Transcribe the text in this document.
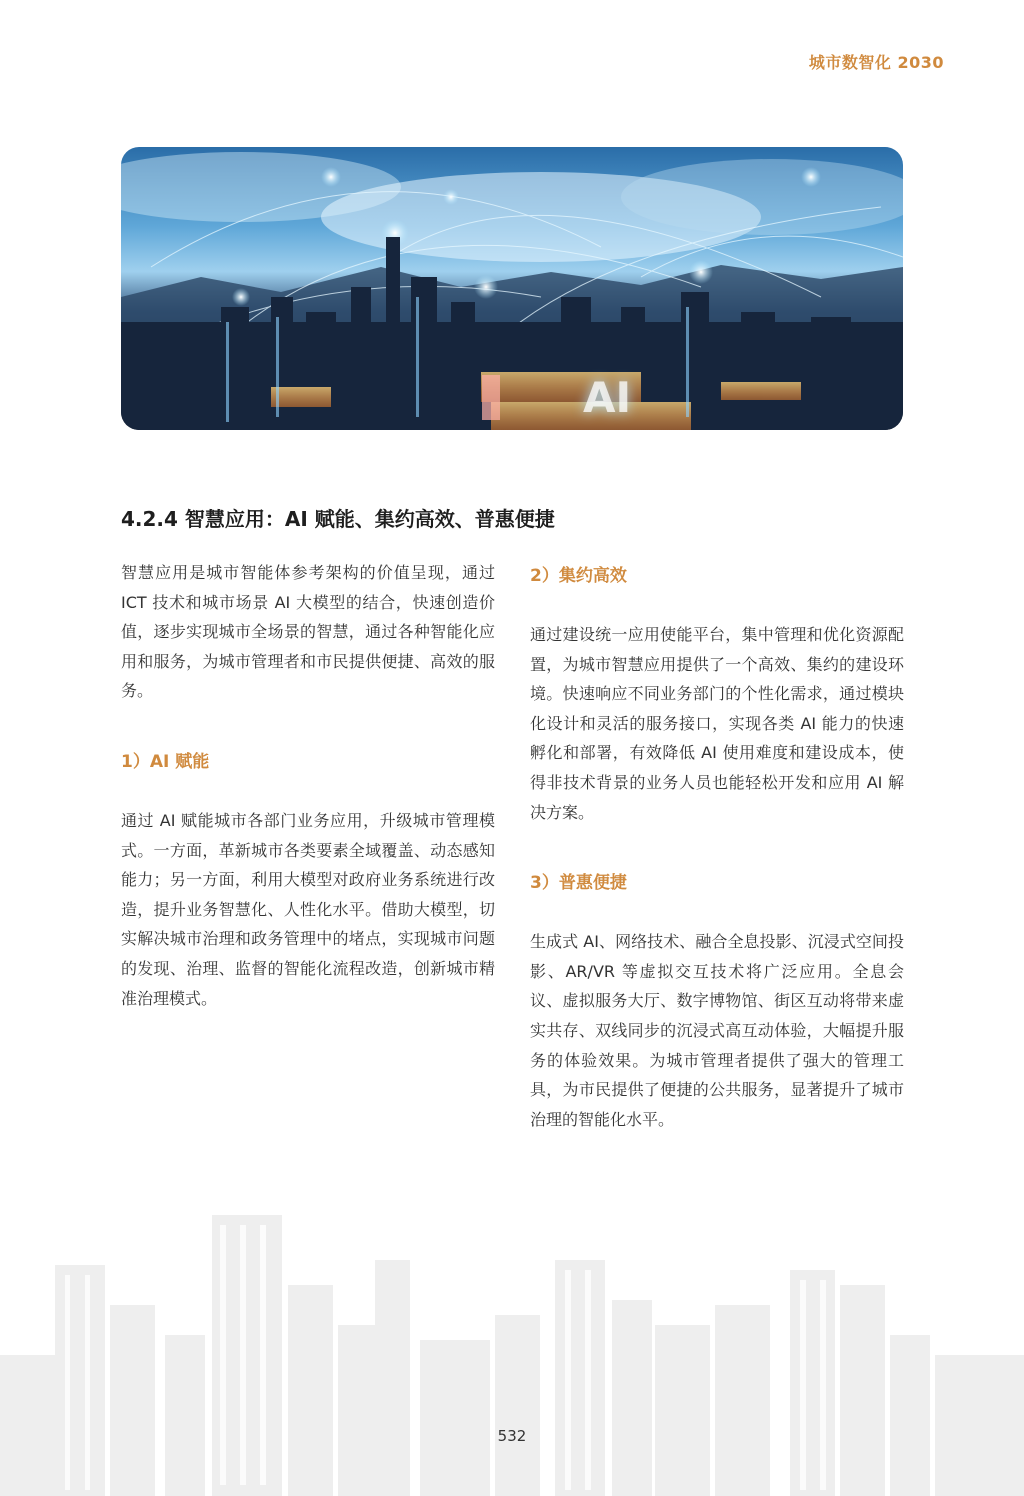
城市数智化 2030
AI
4.2.4 智慧应用：AI 赋能、集约高效、普惠便捷

智慧应用是城市智能体参考架构的价值呈现，通过 ICT 技术和城市场景 AI 大模型的结合，快速创造价值，逐步实现城市全场景的智慧，通过各种智能化应用和服务，为城市管理者和市民提供便捷、高效的服务。

1）AI 赋能

通过 AI 赋能城市各部门业务应用，升级城市管理模式。一方面，革新城市各类要素全域覆盖、动态感知能力；另一方面，利用大模型对政府业务系统进行改造，提升业务智慧化、人性化水平。借助大模型，切实解决城市治理和政务管理中的堵点，实现城市问题的发现、治理、监督的智能化流程改造，创新城市精准治理模式。

2）集约高效

通过建设统一应用使能平台，集中管理和优化资源配置，为城市智慧应用提供了一个高效、集约的建设环境。快速响应不同业务部门的个性化需求，通过模块化设计和灵活的服务接口，实现各类 AI 能力的快速孵化和部署，有效降低 AI 使用难度和建设成本，使得非技术背景的业务人员也能轻松开发和应用 AI 解决方案。

3）普惠便捷

生成式 AI、网络技术、融合全息投影、沉浸式空间投影、AR/VR 等虚拟交互技术将广泛应用。全息会议、虚拟服务大厅、数字博物馆、街区互动将带来虚实共存、双线同步的沉浸式高互动体验，大幅提升服务的体验效果。为城市管理者提供了强大的管理工具，为市民提供了便捷的公共服务，显著提升了城市治理的智能化水平。

532
